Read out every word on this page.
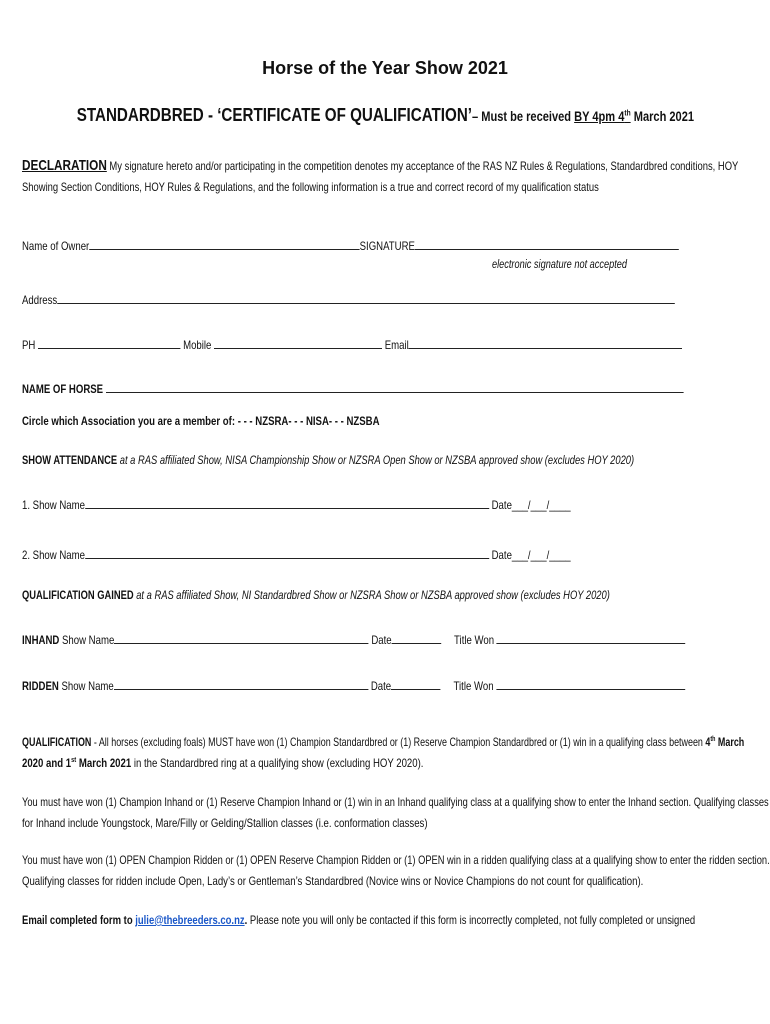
Horse of the Year Show 2021
STANDARDBRED - ‘CERTIFICATE OF QUALIFICATION’– Must be received BY 4pm 4th March 2021
DECLARATION My signature hereto and/or participating in the competition denotes my acceptance of the RAS NZ Rules & Regulations, Standardbred conditions, HOY
Showing Section Conditions, HOY Rules & Regulations, and the following information is a true and correct record of my qualification status
Name of Owner	SIGNATURE
electronic signature not accepted
Address
PH	Mobile	Email
NAME OF HORSE
Circle which Association you are a member of: - - - NZSRA- - - NISA- - - NZSBA
SHOW ATTENDANCE at a RAS affiliated Show, NISA Championship Show or NZSRA Open Show or NZSBA approved show (excludes HOY 2020)
1. Show Name	Date___/___/____
2. Show Name	Date___/___/____
QUALIFICATION GAINED at a RAS affiliated Show, NI Standardbred Show or NZSRA Show or NZSBA approved show (excludes HOY 2020)
INHAND Show Name	Date	Title Won
RIDDEN Show Name	Date	Title Won
QUALIFICATION - All horses (excluding foals) MUST have won (1) Champion Standardbred or (1) Reserve Champion Standardbred or (1) win in a qualifying class between 4th March
2020 and 1st March 2021 in the Standardbred ring at a qualifying show (excluding HOY 2020).
You must have won (1) Champion Inhand or (1) Reserve Champion Inhand or (1) win in an Inhand qualifying class at a qualifying show to enter the Inhand section. Qualifying classes
for Inhand include Youngstock, Mare/Filly or Gelding/Stallion classes (i.e. conformation classes)
You must have won (1) OPEN Champion Ridden or (1) OPEN Reserve Champion Ridden or (1) OPEN win in a ridden qualifying class at a qualifying show to enter the ridden section.
Qualifying classes for ridden include Open, Lady’s or Gentleman’s Standardbred (Novice wins or Novice Champions do not count for qualification).
Email completed form to julie@thebreeders.co.nz. Please note you will only be contacted if this form is incorrectly completed, not fully completed or unsigned
